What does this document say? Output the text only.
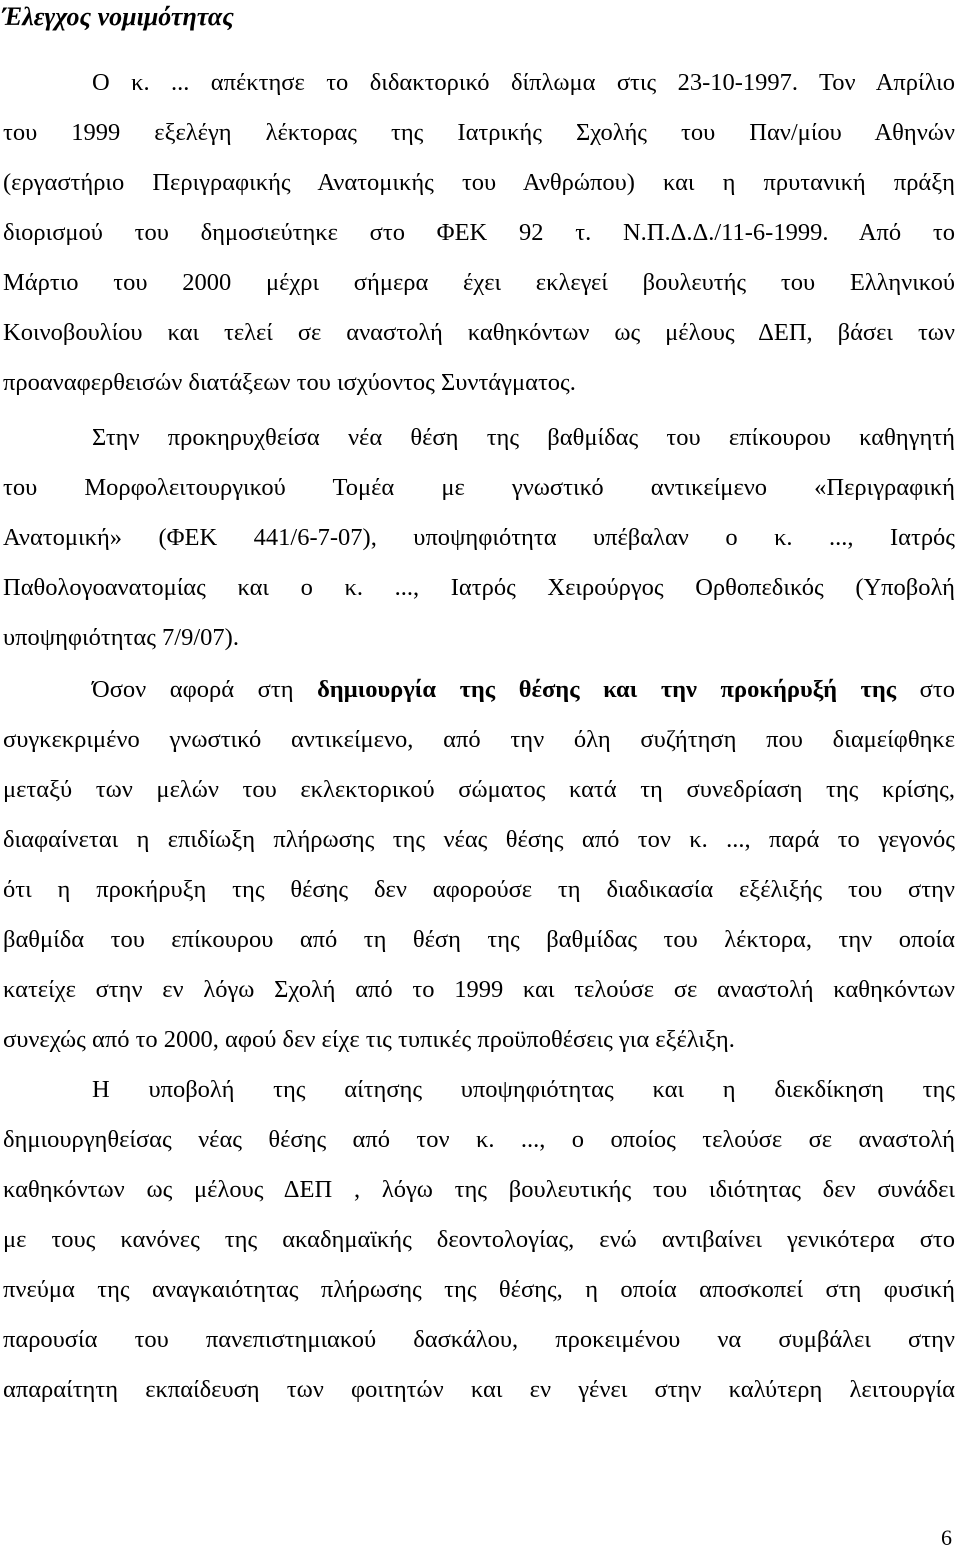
Έλεγχος νομιμότητας
Ο κ. ... απέκτησε το διδακτορικό δίπλωμα στις 23-10-1997. Τον Απρίλιο
του 1999 εξελέγη λέκτορας της Ιατρικής Σχολής του Παν/μίου Αθηνών
(εργαστήριο Περιγραφικής Ανατομικής του Ανθρώπου) και η πρυτανική πράξη
διορισμού του δημοσιεύτηκε στο ΦΕΚ 92 τ. Ν.Π.Δ.Δ./11-6-1999. Από το
Μάρτιο του 2000 μέχρι σήμερα έχει εκλεγεί βουλευτής του Ελληνικού
Κοινοβουλίου και τελεί σε αναστολή καθηκόντων ως μέλους ΔΕΠ, βάσει των
προαναφερθεισών διατάξεων του ισχύοντος Συντάγματος.
Στην προκηρυχθείσα νέα θέση της βαθμίδας του επίκουρου καθηγητή
του Μορφολειτουργικού Τομέα με γνωστικό αντικείμενο «Περιγραφική
Ανατομική» (ΦΕΚ 441/6-7-07), υποψηφιότητα υπέβαλαν ο κ. ..., Ιατρός
Παθολογοανατομίας και ο κ. ..., Ιατρός Χειρούργος Ορθοπεδικός (Υποβολή
υποψηφιότητας 7/9/07).
Όσον αφορά στη δημιουργία της θέσης και την προκήρυξή της στο
συγκεκριμένο γνωστικό αντικείμενο, από την όλη συζήτηση που διαμείφθηκε
μεταξύ των μελών του εκλεκτορικού σώματος κατά τη συνεδρίαση της κρίσης,
διαφαίνεται η επιδίωξη πλήρωσης της νέας θέσης από τον κ. ..., παρά το γεγονός
ότι η προκήρυξη της θέσης δεν αφορούσε τη διαδικασία εξέλιξής του στην
βαθμίδα του επίκουρου από τη θέση της βαθμίδας του λέκτορα, την οποία
κατείχε στην εν λόγω Σχολή από το 1999 και τελούσε σε αναστολή καθηκόντων
συνεχώς από το 2000, αφού δεν είχε τις τυπικές προϋποθέσεις για εξέλιξη.
Η υποβολή της αίτησης υποψηφιότητας και η διεκδίκηση της
δημιουργηθείσας νέας θέσης από τον κ. ..., ο οποίος τελούσε σε αναστολή
καθηκόντων ως μέλους ΔΕΠ , λόγω της βουλευτικής του ιδιότητας δεν συνάδει
με τους κανόνες της ακαδημαϊκής δεοντολογίας, ενώ αντιβαίνει γενικότερα στο
πνεύμα της αναγκαιότητας πλήρωσης της θέσης, η οποία αποσκοπεί στη φυσική
παρουσία του πανεπιστημιακού δασκάλου, προκειμένου να συμβάλει στην
απαραίτητη εκπαίδευση των φοιτητών και εν γένει στην καλύτερη λειτουργία
6
